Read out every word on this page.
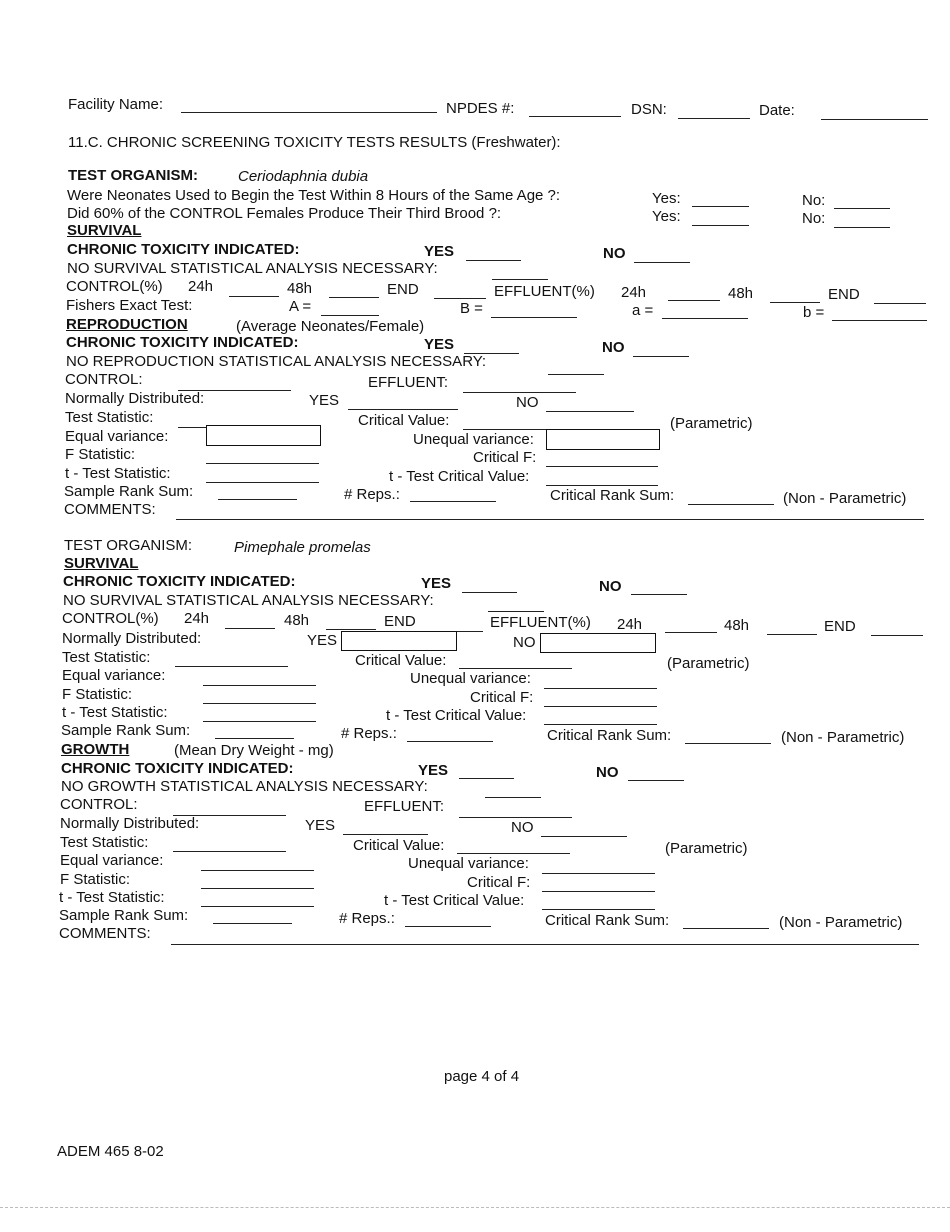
Facility Name:	NPDES #:	DSN:	Date:
11.C. CHRONIC SCREENING TOXICITY TESTS RESULTS (Freshwater):
TEST ORGANISM:	Ceriodaphnia dubia
Were Neonates Used to Begin the Test Within 8 Hours of the Same Age ?:	Yes:	No:
Did 60% of the CONTROL Females Produce Their Third Brood ?:	Yes:	No:
SURVIVAL
CHRONIC TOXICITY INDICATED:	YES	NO
NO SURVIVAL STATISTICAL ANALYSIS NECESSARY:
CONTROL(%) 24h	48h	END	EFFLUENT(%) 24h	48h	END
Fishers Exact Test:	A =	B =	a =	b =
REPRODUCTION	(Average Neonates/Female)
CHRONIC TOXICITY INDICATED:	YES	NO
NO REPRODUCTION STATISTICAL ANALYSIS NECESSARY:
CONTROL:	EFFLUENT:
Normally Distributed:	YES	NO
Test Statistic:	Critical Value:	(Parametric)
Equal variance:	Unequal variance:
F Statistic:	Critical F:
t - Test Statistic:	t - Test Critical Value:
Sample Rank Sum:	# Reps.:	Critical Rank Sum:	(Non - Parametric)
COMMENTS:
TEST ORGANISM:	Pimephale promelas
SURVIVAL
CHRONIC TOXICITY INDICATED:	YES	NO
NO SURVIVAL STATISTICAL ANALYSIS NECESSARY:
CONTROL(%) 24h	48h	END	EFFLUENT(%) 24h	48h	END
Normally Distributed:	YES	NO
Test Statistic:	Critical Value:	(Parametric)
Equal variance:	Unequal variance:
F Statistic:	Critical F:
t - Test Statistic:	t - Test Critical Value:
Sample Rank Sum:	# Reps.:	Critical Rank Sum:	(Non - Parametric)
GROWTH	(Mean Dry Weight - mg)
CHRONIC TOXICITY INDICATED:	YES	NO
NO GROWTH STATISTICAL ANALYSIS NECESSARY:
CONTROL:	EFFLUENT:
Normally Distributed:	YES	NO
Test Statistic:	Critical Value:	(Parametric)
Equal variance:	Unequal variance:
F Statistic:	Critical F:
t - Test Statistic:	t - Test Critical Value:
Sample Rank Sum:	# Reps.:	Critical Rank Sum:	(Non - Parametric)
COMMENTS:
page 4 of 4
ADEM 465 8-02
